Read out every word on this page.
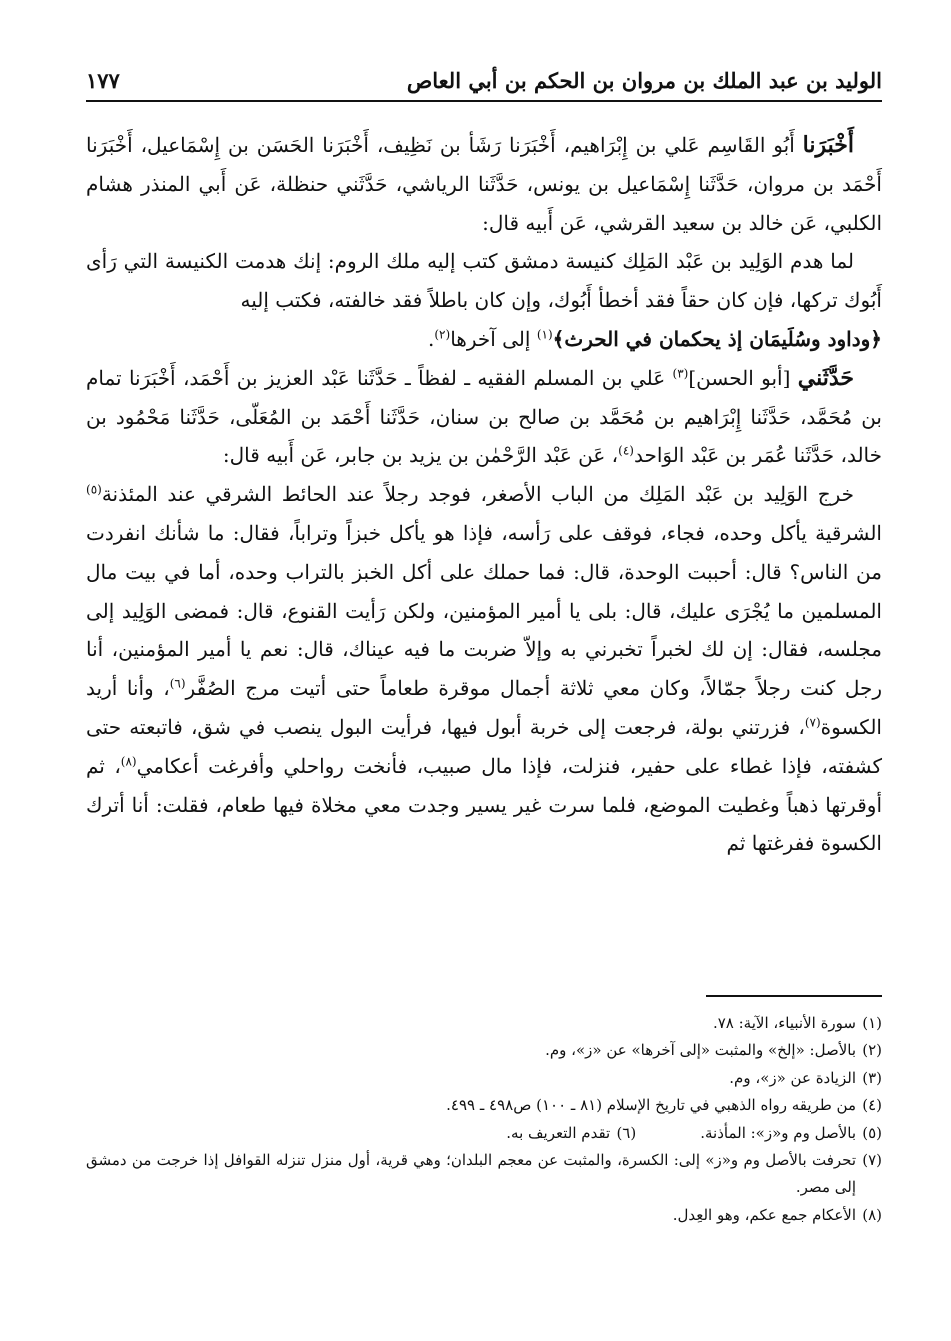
الوليد بن عبد الملك بن مروان بن الحكم بن أبي العاص
١٧٧

أَخْبَرَنا أَبُو القَاسِم عَلي بن إِبْرَاهيم، أَخْبَرَنا رَشَأ بن نَظِيف، أَخْبَرَنا الحَسَن بن إِسْمَاعيل، أَخْبَرَنا أَحْمَد بن مروان، حَدَّثَنا إِسْمَاعيل بن يونس، حَدَّثَنا الرياشي، حَدَّثَني حنظلة، عَن أَبي المنذر هشام الكلبي، عَن خالد بن سعيد القرشي، عَن أَبيه قال:

لما هدم الوَلِيد بن عَبْد المَلِك كنيسة دمشق كتب إليه ملك الروم: إنك هدمت الكنيسة التي رَأى أَبُوك تركها، فإن كان حقاً فقد أخطأ أَبُوك، وإن كان باطلاً فقد خالفته، فكتب إليه
﴿وداود وسُلَيمَان إذ يحكمان في الحرث﴾$^{(١)}$ إلى آخرها$^{(٢)}$.

حَدَّثَني [أبو الحسن]$^{(٣)}$ عَلي بن المسلم الفقيه ـ لفظاً ـ حَدَّثَنا عَبْد العزيز بن أَحْمَد، أَخْبَرَنا تمام بن مُحَمَّد، حَدَّثَنا إِبْرَاهيم بن مُحَمَّد بن صالح بن سنان، حَدَّثَنا أَحْمَد بن المُعَلّى، حَدَّثَنا مَحْمُود بن خالد، حَدَّثَنا عُمَر بن عَبْد الوَاحد$^{(٤)}$، عَن عَبْد الرَّحْمٰن بن يزيد بن جابر، عَن أَبيه قال:

خرج الوَلِيد بن عَبْد المَلِك من الباب الأصغر، فوجد رجلاً عند الحائط الشرقي عند المئذنة$^{(٥)}$ الشرقية يأكل وحده، فجاء، فوقف على رَأسه، فإذا هو يأكل خبزاً وتراباً، فقال: ما شأنك انفردت من الناس؟ قال: أحببت الوحدة، قال: فما حملك على أكل الخبز بالتراب وحده، أما في بيت مال المسلمين ما يُجْرَى عليك، قال: بلى يا أمير المؤمنين، ولكن رَأيت القنوع، قال: فمضى الوَلِيد إلى مجلسه، فقال: إن لك لخبراً تخبرني به وإلاّ ضربت ما فيه عيناك، قال: نعم يا أمير المؤمنين، أنا رجل كنت رجلاً جمّالاً، وكان معي ثلاثة أجمال موقرة طعاماً حتى أتيت مرج الصُفَّر$^{(٦)}$، وأنا أريد الكسوة$^{(٧)}$، فزرتني بولة، فرجعت إلى خربة أبول فيها، فرأيت البول ينصب في شق، فاتبعته حتى كشفته، فإذا غطاء على حفير، فنزلت، فإذا مال صبيب، فأنخت رواحلي وأفرغت أعكامي$^{(٨)}$، ثم أوقرتها ذهباً وغطيت الموضع، فلما سرت غير يسير وجدت معي مخلاة فيها طعام، فقلت: أنا أترك الكسوة ففرغتها ثم

(١)
سورة الأنبياء، الآية: ٧٨.
(٢)
بالأصل: «إلخ» والمثبت «إلى آخرها» عن «ز»، وم.
(٣)
الزيادة عن «ز»، وم.
(٤)
من طريقه رواه الذهبي في تاريخ الإسلام (٨١ ـ ١٠٠) ص٤٩٨ ـ ٤٩٩.
(٥)
بالأصل وم و«ز»: المأذنة.
(٦)
تقدم التعريف به.
(٧)
تحرفت بالأصل وم و«ز» إلى: الكسرة، والمثبت عن معجم البلدان؛ وهي قرية، أول منزل تنزله القوافل إذا خرجت من دمشق إلى مصر.
(٨)
الأعكام جمع عكم، وهو العِدل.
